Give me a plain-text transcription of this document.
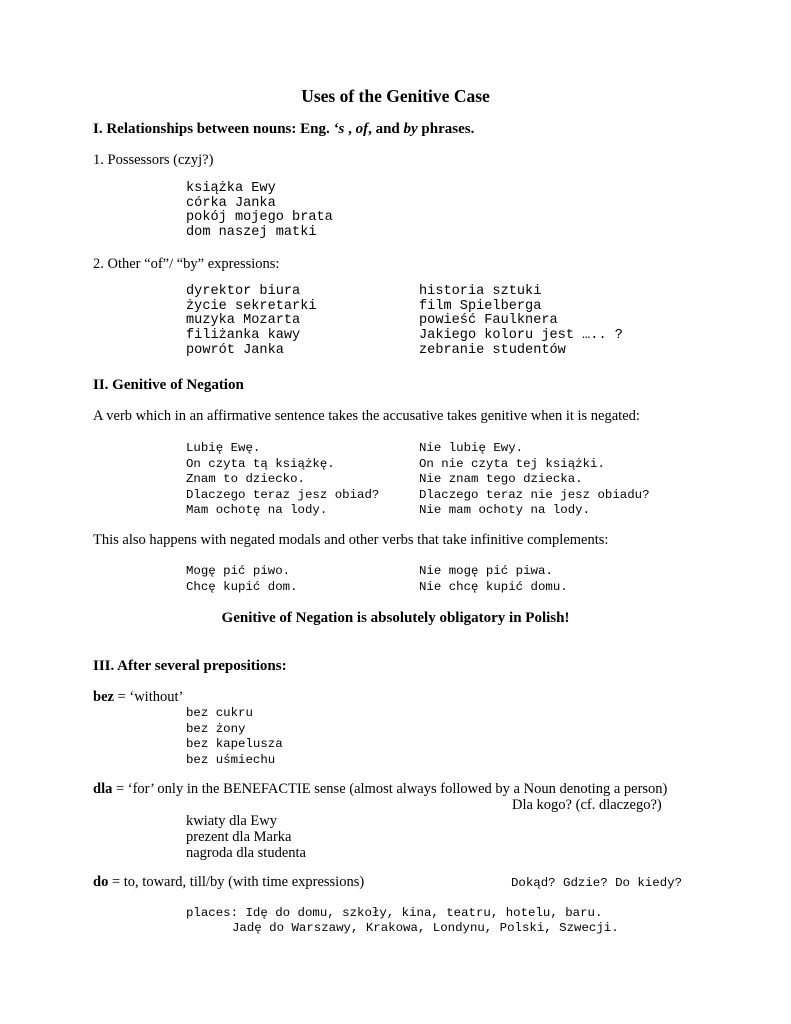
Uses of the Genitive Case
I. Relationships between nouns: Eng. ‘s , of, and by phrases.
1. Possessors (czyj?)
książka Ewy
córka Janka
pokój mojego brata
dom naszej matki
2. Other “of”/ “by” expressions:
dyrektor biura
życie sekretarki
muzyka Mozarta
filiżanka kawy
powrót Janka
historia sztuki
film Spielberga
powieść Faulknera
Jakiego koloru jest ….. ?
zebranie studentów
II. Genitive of Negation
A verb which in an affirmative sentence takes the accusative takes genitive when it is negated:
Lubię Ewę.
On czyta tą książkę.
Znam to dziecko.
Dlaczego teraz jesz obiad?
Mam ochotę na lody.
Nie lubię Ewy.
On nie czyta tej książki.
Nie znam tego dziecka.
Dlaczego teraz nie jesz obiadu?
Nie mam ochoty na lody.
This also happens with negated modals and other verbs that take infinitive complements:
Mogę pić piwo.
Chcę kupić dom.
Nie mogę pić piwa.
Nie chcę kupić domu.
Genitive of Negation is absolutely obligatory in Polish!
III. After several prepositions:
bez = ‘without’
bez cukru
bez żony
bez kapelusza
bez uśmiechu
dla = ‘for’ only in the BENEFACTIE sense (almost always followed by a Noun denoting a person)
Dla kogo? (cf. dlaczego?)
kwiaty dla Ewy
prezent dla Marka
nagroda dla studenta
do = to, toward, till/by (with time expressions)	Dokąd? Gdzie? Do kiedy?
places: Idę do domu, szkoły, kina, teatru, hotelu, baru.
Jadę do Warszawy, Krakowa, Londynu, Polski, Szwecji.
